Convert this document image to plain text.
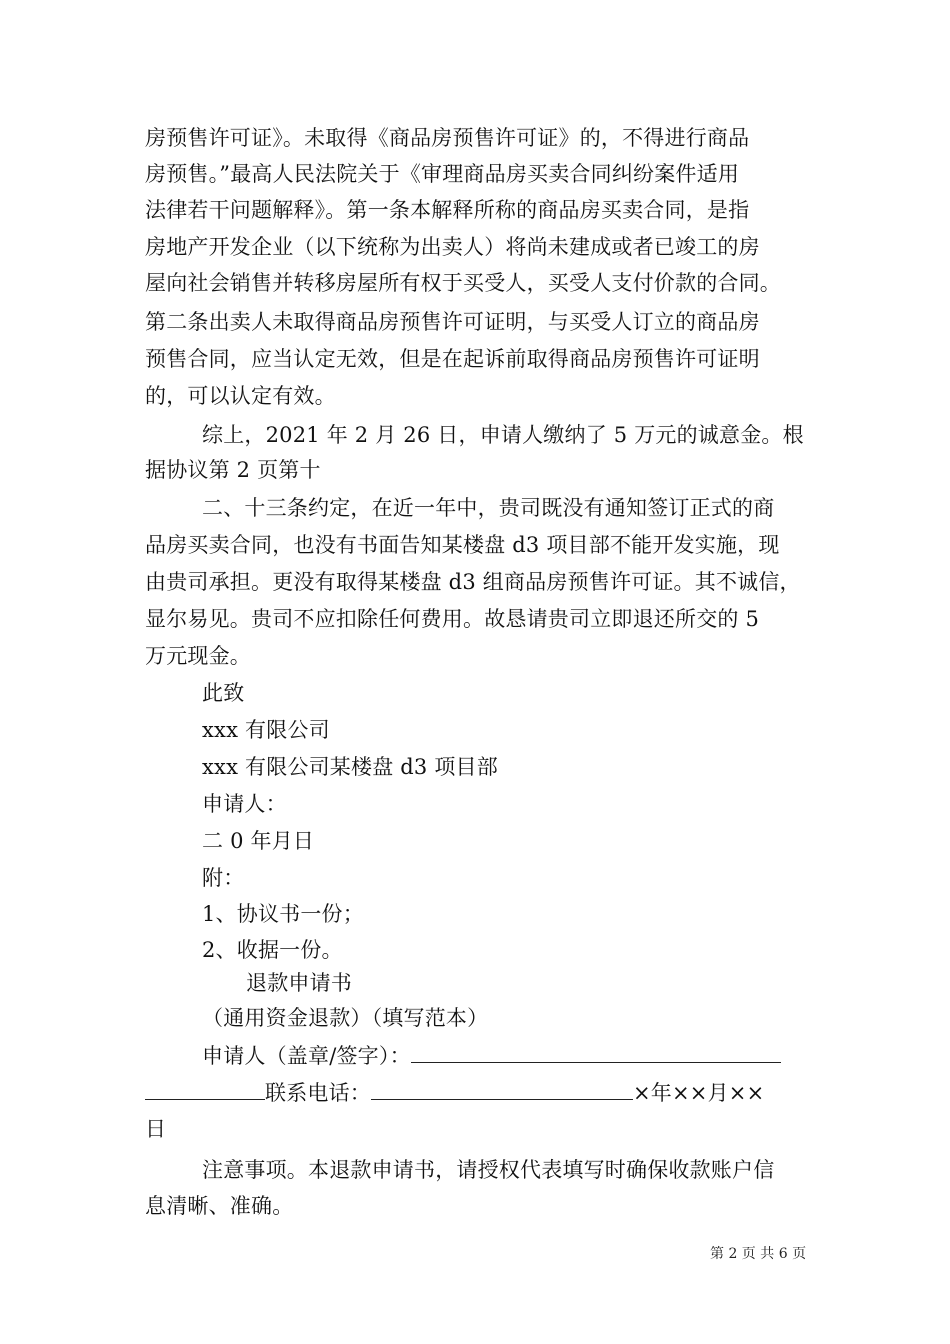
房预售许可证》。未取得《商品房预售许可证》的，不得进行商品
房预售。”最高人民法院关于《审理商品房买卖合同纠纷案件适用
法律若干问题解释》。第一条本解释所称的商品房买卖合同，是指
房地产开发企业（以下统称为出卖人）将尚未建成或者已竣工的房
屋向社会销售并转移房屋所有权于买受人，买受人支付价款的合同。
第二条出卖人未取得商品房预售许可证明，与买受人订立的商品房
预售合同，应当认定无效，但是在起诉前取得商品房预售许可证明
的，可以认定有效。
综上，2021 年 2 月 26 日，申请人缴纳了 5 万元的诚意金。根
据协议第 2 页第十
二、十三条约定，在近一年中，贵司既没有通知签订正式的商
品房买卖合同，也没有书面告知某楼盘 d3 项目部不能开发实施，现
由贵司承担。更没有取得某楼盘 d3 组商品房预售许可证。其不诚信，
显尔易见。贵司不应扣除任何费用。故恳请贵司立即退还所交的 5
万元现金。
此致
xxx 有限公司
xxx 有限公司某楼盘 d3 项目部
申请人：
二 0 年月日
附：
1、协议书一份；
2、收据一份。
退款申请书
（通用资金退款）（填写范本）
申请人（盖章/签字）：
联系电话：	×年××月××
日
注意事项。本退款申请书，请授权代表填写时确保收款账户信
息清晰、准确。
第 2 页 共 6 页
